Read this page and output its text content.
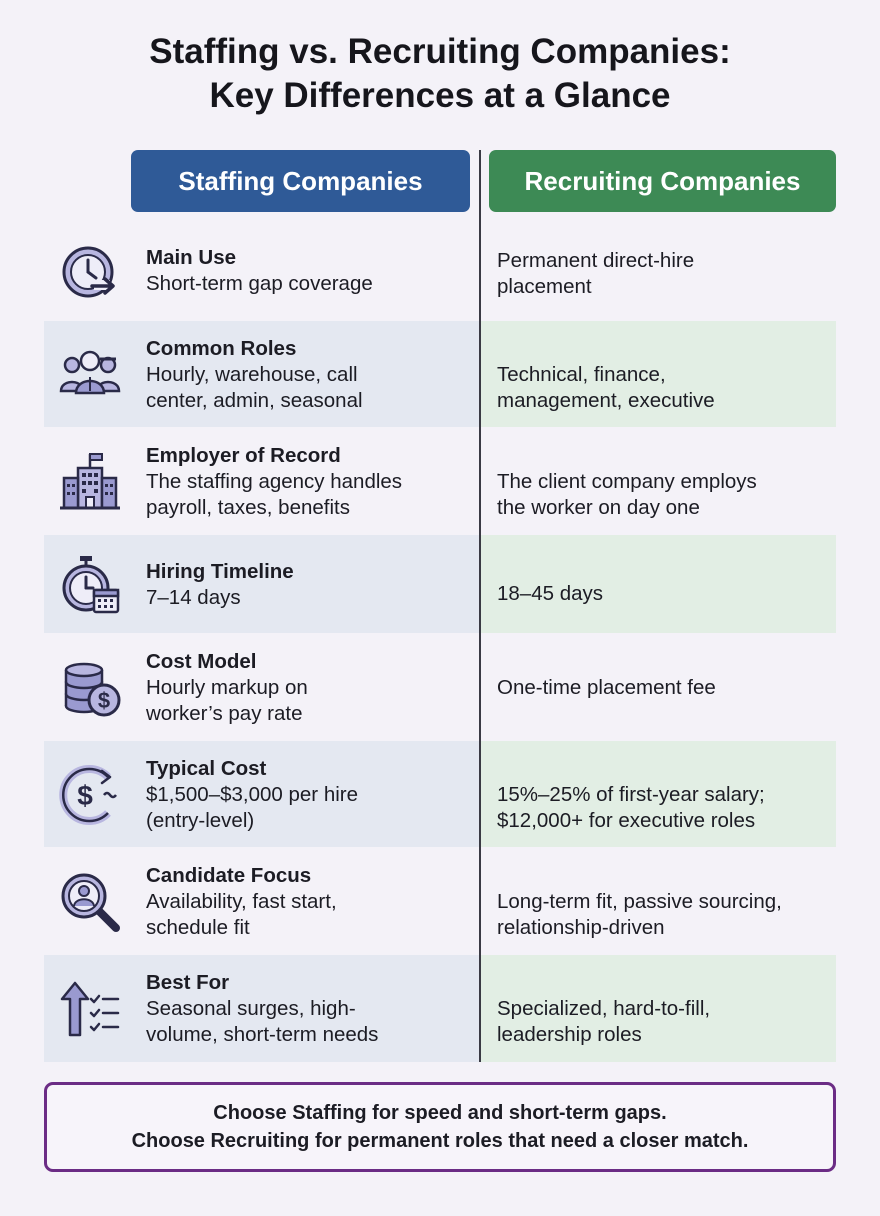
Staffing vs. Recruiting Companies:
Key Differences at a Glance
Staffing Companies	Recruiting Companies
Main Use
Short-term gap coverage
Permanent direct-hire
placement
Common Roles
Hourly, warehouse, call
center, admin, seasonal
Technical, finance,
management, executive
Employer of Record
The staffing agency handles
payroll, taxes, benefits
The client company employs
the worker on day one
Hiring Timeline
7–14 days	18–45 days
$
Cost Model
Hourly markup on
worker’s pay rate
One-time placement fee
$
Typical Cost
$1,500–$3,000 per hire
(entry-level)
15%–25% of first-year salary;
$12,000+ for executive roles
Candidate Focus
Availability, fast start,
schedule fit
Long-term fit, passive sourcing,
relationship-driven
Best For
Seasonal surges, high-
volume, short-term needs
Specialized, hard-to-fill,
leadership roles
Choose Staffing for speed and short-term gaps.
Choose Recruiting for permanent roles that need a closer match.
